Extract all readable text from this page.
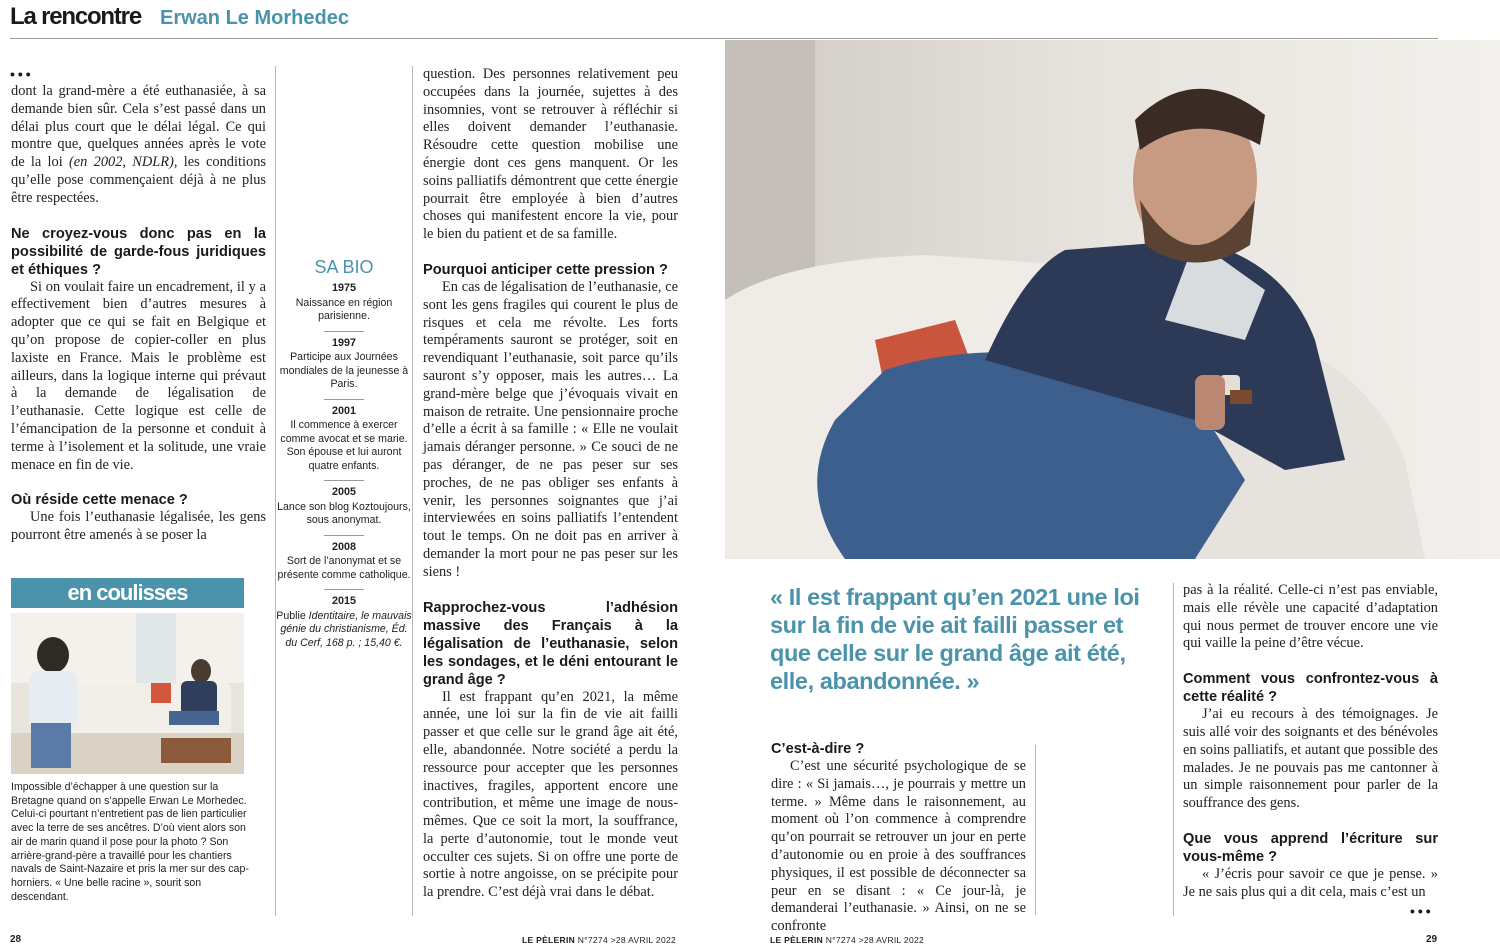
La rencontre Erwan Le Morhedec
•••

dont la grand-mère a été euthanasiée, à sa demande bien sûr. Cela s’est passé dans un délai plus court que le délai légal. Ce qui montre que, quelques années après le vote de la loi (en 2002, NDLR), les conditions qu’elle pose commençaient déjà à ne plus être respectées.

Ne croyez-vous donc pas en la possibilité de garde-fous juridiques et éthiques ?

Si on voulait faire un encadrement, il y a effectivement bien d’autres mesures à adopter que ce qui se fait en Belgique et qu’on propose de copier-coller en plus laxiste en France. Mais le problème est ailleurs, dans la logique interne qui prévaut à la demande de légalisation de l’euthanasie. Cette logique est celle de l’émancipation de la personne et conduit à terme à l’isolement et la solitude, une vraie menace en fin de vie.

Où réside cette menace ?

Une fois l’euthanasie légalisée, les gens pourront être amenés à se poser la

SA BIO
1975
Naissance en région parisienne.
1997
Participe aux Journées mondiales de la jeunesse à Paris.
2001
Il commence à exercer comme avocat et se marie. Son épouse et lui auront quatre enfants.
2005
Lance son blog Koztoujours, sous anonymat.
2008
Sort de l’anonymat et se présente comme catholique.
2015
Publie Identitaire, le mauvais génie du christianisme, Éd. du Cerf, 168 p. ; 15,40 €.
en coulisses
Impossible d’échapper à une question sur la Bretagne quand on s’appelle Erwan Le Morhedec. Celui-ci pourtant n’entretient pas de lien particulier avec la terre de ses ancêtres. D’où vient alors son air de marin quand il pose pour la photo ? Son arrière-grand-père a travaillé pour les chantiers navals de Saint-Nazaire et pris la mer sur des cap-horniers. « Une belle racine », sourit son descendant.

question. Des personnes relativement peu occupées dans la journée, sujettes à des insomnies, vont se retrouver à réfléchir si elles doivent demander l’euthanasie. Résoudre cette question mobilise une énergie dont ces gens manquent. Or les soins palliatifs démontrent que cette énergie pourrait être employée à bien d’autres choses qui manifestent encore la vie, pour le bien du patient et de sa famille.

Pourquoi anticiper cette pression ?

En cas de légalisation de l’euthanasie, ce sont les gens fragiles qui courent le plus de risques et cela me révolte. Les forts tempéraments sauront se protéger, soit en revendiquant l’euthanasie, soit parce qu’ils sauront s’y opposer, mais les autres… La grand-mère belge que j’évoquais vivait en maison de retraite. Une pensionnaire proche d’elle a écrit à sa famille : « Elle ne voulait jamais déranger personne. » Ce souci de ne pas déranger, de ne pas peser sur ses proches, de ne pas obliger ses enfants à venir, les personnes soignantes que j’ai interviewées en soins palliatifs l’entendent tout le temps. On ne doit pas en arriver à demander la mort pour ne pas peser sur les siens !

Rapprochez-vous l’adhésion massive des Français à la légalisation de l’euthanasie, selon les sondages, et le déni entourant le grand âge ?

Il est frappant qu’en 2021, la même année, une loi sur la fin de vie ait failli passer et que celle sur le grand âge ait été, elle, abandonnée. Notre société a perdu la ressource pour accepter que les personnes inactives, fragiles, apportent encore une contribution, et même une image de nous-mêmes. Que ce soit la mort, la souffrance, la perte d’autonomie, tout le monde veut occulter ces sujets. Si on offre une porte de sortie à notre angoisse, on se précipite pour la prendre. C’est déjà vrai dans le débat.

« Il est frappant qu’en 2021 une loi sur la fin de vie ait failli passer et que celle sur le grand âge ait été, elle, abandonnée. »
C’est-à-dire ?

C’est une sécurité psychologique de se dire : « Si jamais…, je pourrais y mettre un terme. » Même dans le raisonnement, au moment où l’on commence à comprendre qu’on pourrait se retrouver un jour en perte d’autonomie ou en proie à des souffrances physiques, il est possible de déconnecter sa peur en se disant : « Ce jour-là, je demanderai l’euthanasie. » Ainsi, on ne se confronte

pas à la réalité. Celle-ci n’est pas enviable, mais elle révèle une capacité d’adaptation qui nous permet de trouver encore une vie qui vaille la peine d’être vécue.

Comment vous confrontez-vous à cette réalité ?

J’ai eu recours à des témoignages. Je suis allé voir des soignants et des bénévoles en soins palliatifs, et autant que possible des malades. Je ne pouvais pas me cantonner à un simple raisonnement pour parler de la souffrance des gens.

Que vous apprend l’écriture sur vous-même ?

« J’écris pour savoir ce que je pense. » Je ne sais plus qui a dit cela, mais c’est un

•••
28	LE PÈLERIN N°7274 >28 AVRIL 2022	LE PÈLERIN N°7274 >28 AVRIL 2022	29
